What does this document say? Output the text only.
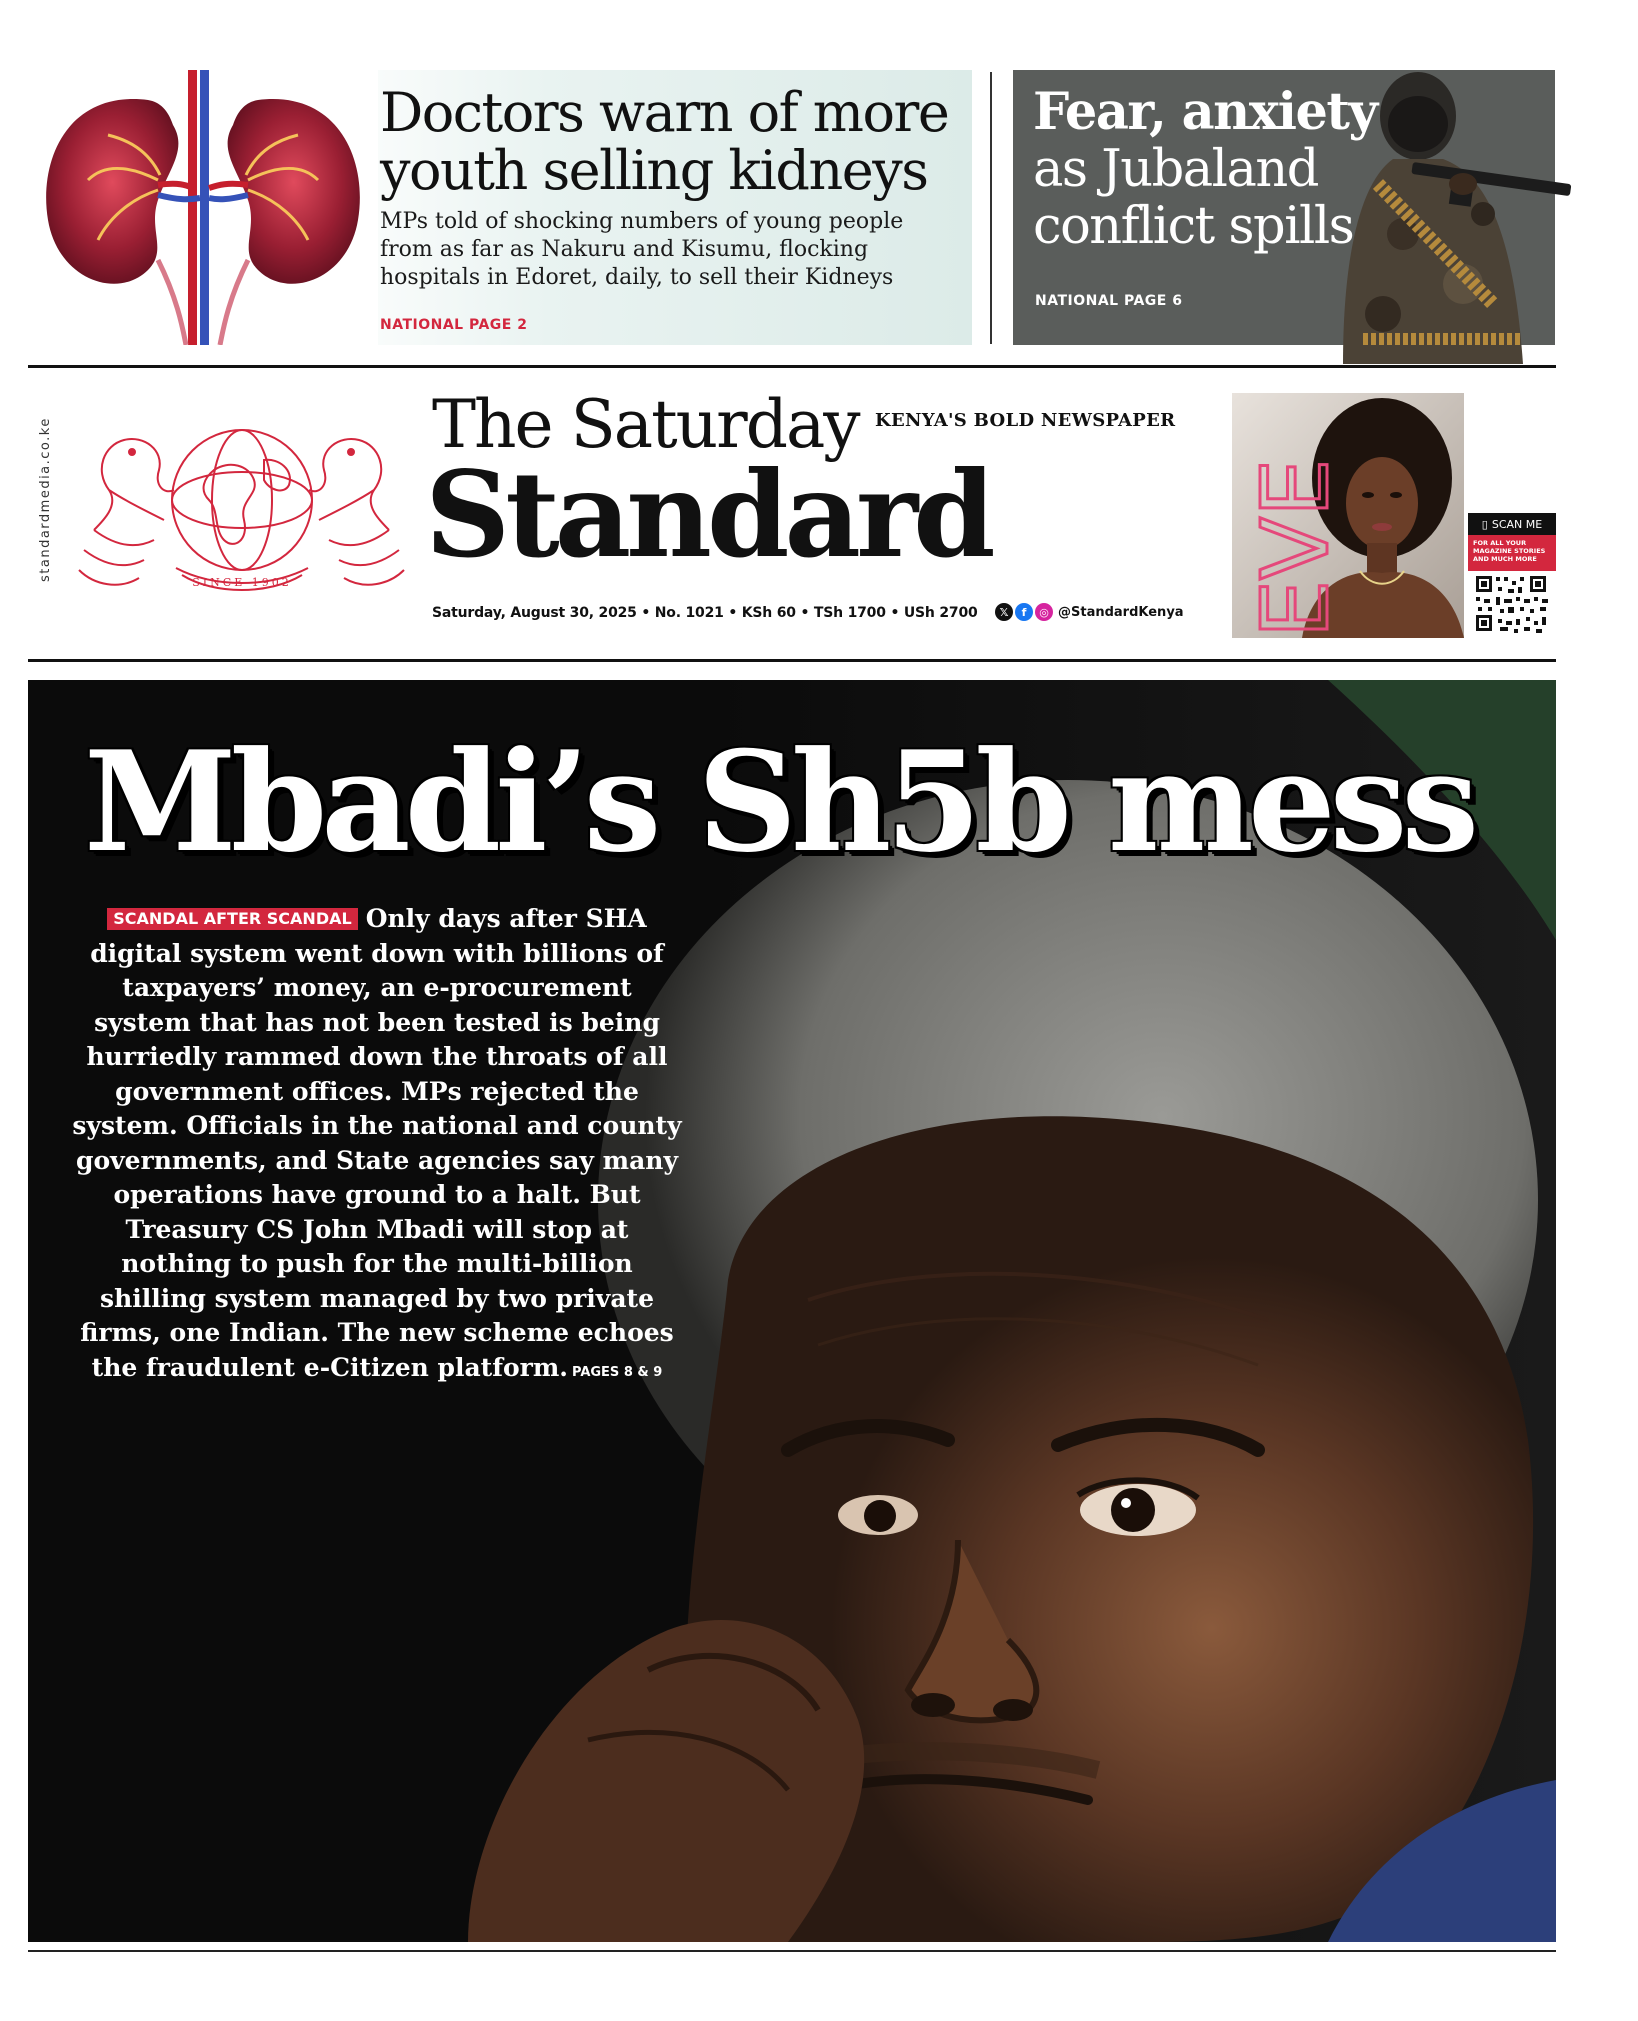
Doctors warn of more
youth selling kidneys
MPs told of shocking numbers of young people from as far as Nakuru and Kisumu, flocking hospitals in Edoret, daily, to sell their Kidneys
NATIONAL PAGE 2
Fear, anxiety
as Jubaland
conflict spills
NATIONAL PAGE 6
standardmedia.co.ke
SINCE 1902
The Saturday KENYA'S BOLD NEWSPAPER
Standard
Saturday, August 30, 2025 • No. 1021 • KSh 60 • TSh 1700 • USh 2700	𝕏	f	◎ @StandardKenya EVE	▯ SCAN ME
FOR ALL YOUR MAGAZINE STORIES AND MUCH MORE
Mbadi’s Sh5b mess
SCANDAL AFTER SCANDAL Only days after SHA digital system went down with billions of taxpayers’ money, an e-procurement system that has not been tested is being hurriedly rammed down the throats of all government offices. MPs rejected the system. Officials in the national and county governments, and State agencies say many operations have ground to a halt. But Treasury CS John Mbadi will stop at nothing to push for the multi-billion shilling system managed by two private firms, one Indian. The new scheme echoes the fraudulent e-Citizen platform. PAGES 8 & 9
